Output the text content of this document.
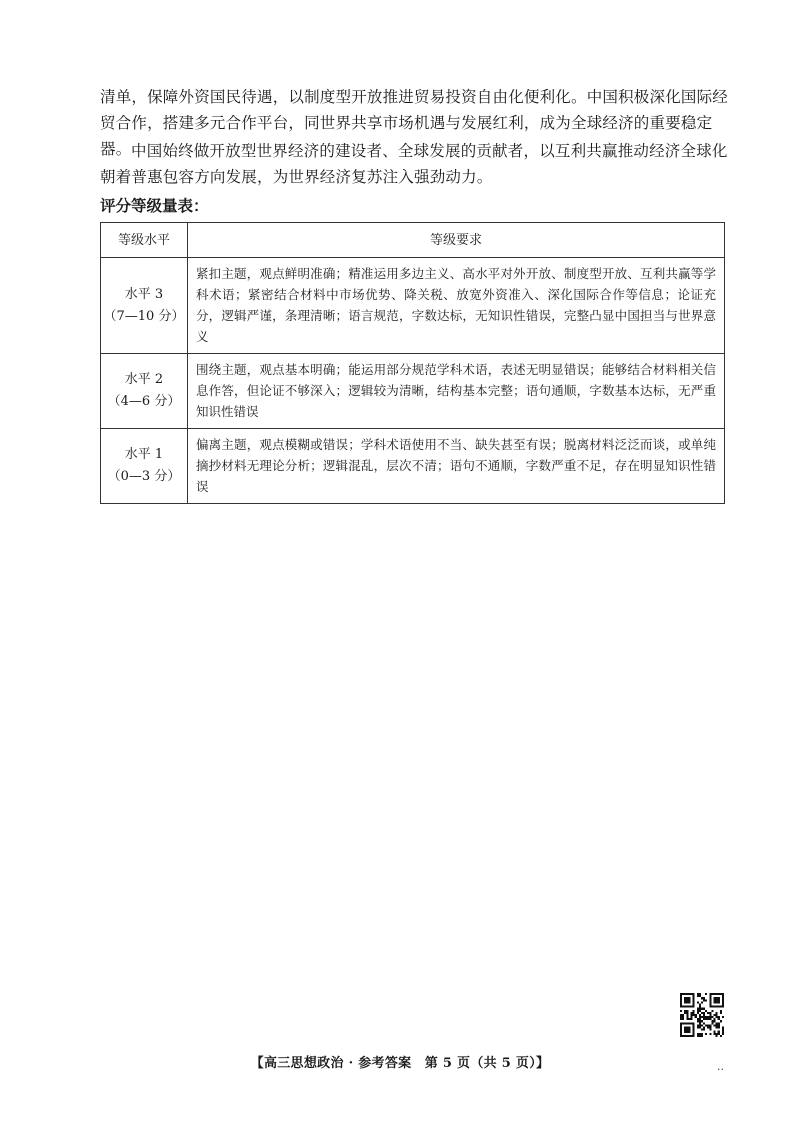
清单，保障外资国民待遇，以制度型开放推进贸易投资自由化便利化。中国积极深化国际经贸合作，搭建多元合作平台，同世界共享市场机遇与发展红利，成为全球经济的重要稳定器。 中国始终做开放型世界经济的建设者、全球发展的贡献者，以互利共赢推动经济全球化朝着普惠包容方向发展，为世界经济复苏注入强劲动力。

评分等级量表：
等级水平	等级要求

水平 3
（7—10 分）	紧扣主题，观点鲜明准确；精准运用多边主义、高水平对外开放、制度型开放、互利共赢等学科术语；紧密结合材料中市场优势、降关税、放宽外资准入、深化国际合作等信息；论证充分，逻辑严谨，条理清晰；语言规范，字数达标，无知识性错误，完整凸显中国担当与世界意义

水平 2
（4—6 分）	围绕主题，观点基本明确；能运用部分规范学科术语，表述无明显错误；能够结合材料相关信息作答，但论证不够深入；逻辑较为清晰，结构基本完整；语句通顺，字数基本达标，无严重知识性错误

水平 1
（0—3 分）	偏离主题，观点模糊或错误；学科术语使用不当、缺失甚至有误；脱离材料泛泛而谈，或单纯摘抄材料无理论分析；逻辑混乱，层次不清；语句不通顺，字数严重不足，存在明显知识性错误
【高三思想政治 · 参考答案　第 5 页（共 5 页）】	··
